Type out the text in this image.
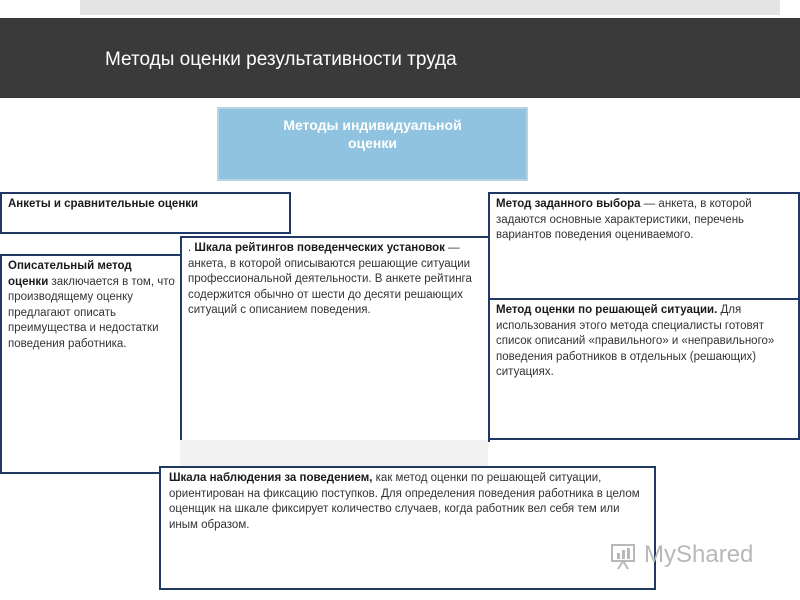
Методы оценки результативности труда
Методы индивидуальной
оценки
Анкеты и сравнительные оценки
Описательный метод оценки заключается в том, что производящему оценку предлагают описать преимущества и недостатки поведения работника.
. Шкала рейтингов поведенческих установок — анкета, в которой описываются решающие ситуации профессиональной деятельности. В анкете рейтинга содержится обычно от шести до десяти решающих ситуаций с описанием поведения.
Метод заданного выбора — анкета, в которой задаются основные характеристики, перечень вариантов поведения оцениваемого.
Метод оценки по решающей ситуации. Для использования этого метода специалисты готовят список описаний «правильного» и «неправильного» поведения работников в отдельных (решающих) ситуациях.
Шкала наблюдения за поведением, как метод оценки по решающей ситуации, ориентирован на фиксацию поступков. Для определения поведения работника в целом оценщик на шкале фиксирует количество случаев, когда работник вел себя тем или иным образом.
MyShared
